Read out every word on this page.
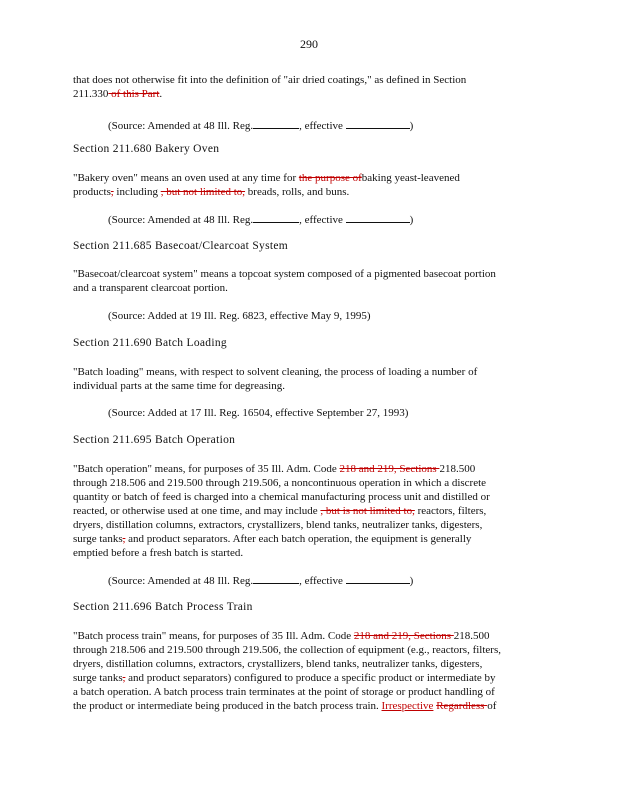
290
that does not otherwise fit into the definition of "air dried coatings," as defined in Section
211.330 of this Part.
(Source: Amended at 48 Ill. Reg.	, effective	)
Section 211.680 Bakery Oven
"Bakery oven" means an oven used at any time for the purpose ofbaking yeast-leavened
products, including , but not limited to, breads, rolls, and buns.
(Source: Amended at 48 Ill. Reg.	, effective	)
Section 211.685 Basecoat/Clearcoat System
"Basecoat/clearcoat system" means a topcoat system composed of a pigmented basecoat portion
and a transparent clearcoat portion.
(Source: Added at 19 Ill. Reg. 6823, effective May 9, 1995)
Section 211.690 Batch Loading
"Batch loading" means, with respect to solvent cleaning, the process of loading a number of
individual parts at the same time for degreasing.
(Source: Added at 17 Ill. Reg. 16504, effective September 27, 1993)
Section 211.695 Batch Operation
"Batch operation" means, for purposes of 35 Ill. Adm. Code 218 and 219, Sections 218.500
through 218.506 and 219.500 through 219.506, a noncontinuous operation in which a discrete
quantity or batch of feed is charged into a chemical manufacturing process unit and distilled or
reacted, or otherwise used at one time, and may include , but is not limited to, reactors, filters,
dryers, distillation columns, extractors, crystallizers, blend tanks, neutralizer tanks, digesters,
surge tanks, and product separators. After each batch operation, the equipment is generally
emptied before a fresh batch is started.
(Source: Amended at 48 Ill. Reg.	, effective	)
Section 211.696 Batch Process Train
"Batch process train" means, for purposes of 35 Ill. Adm. Code 218 and 219, Sections 218.500
through 218.506 and 219.500 through 219.506, the collection of equipment (e.g., reactors, filters,
dryers, distillation columns, extractors, crystallizers, blend tanks, neutralizer tanks, digesters,
surge tanks, and product separators) configured to produce a specific product or intermediate by
a batch operation. A batch process train terminates at the point of storage or product handling of
the product or intermediate being produced in the batch process train. Irrespective Regardless of
